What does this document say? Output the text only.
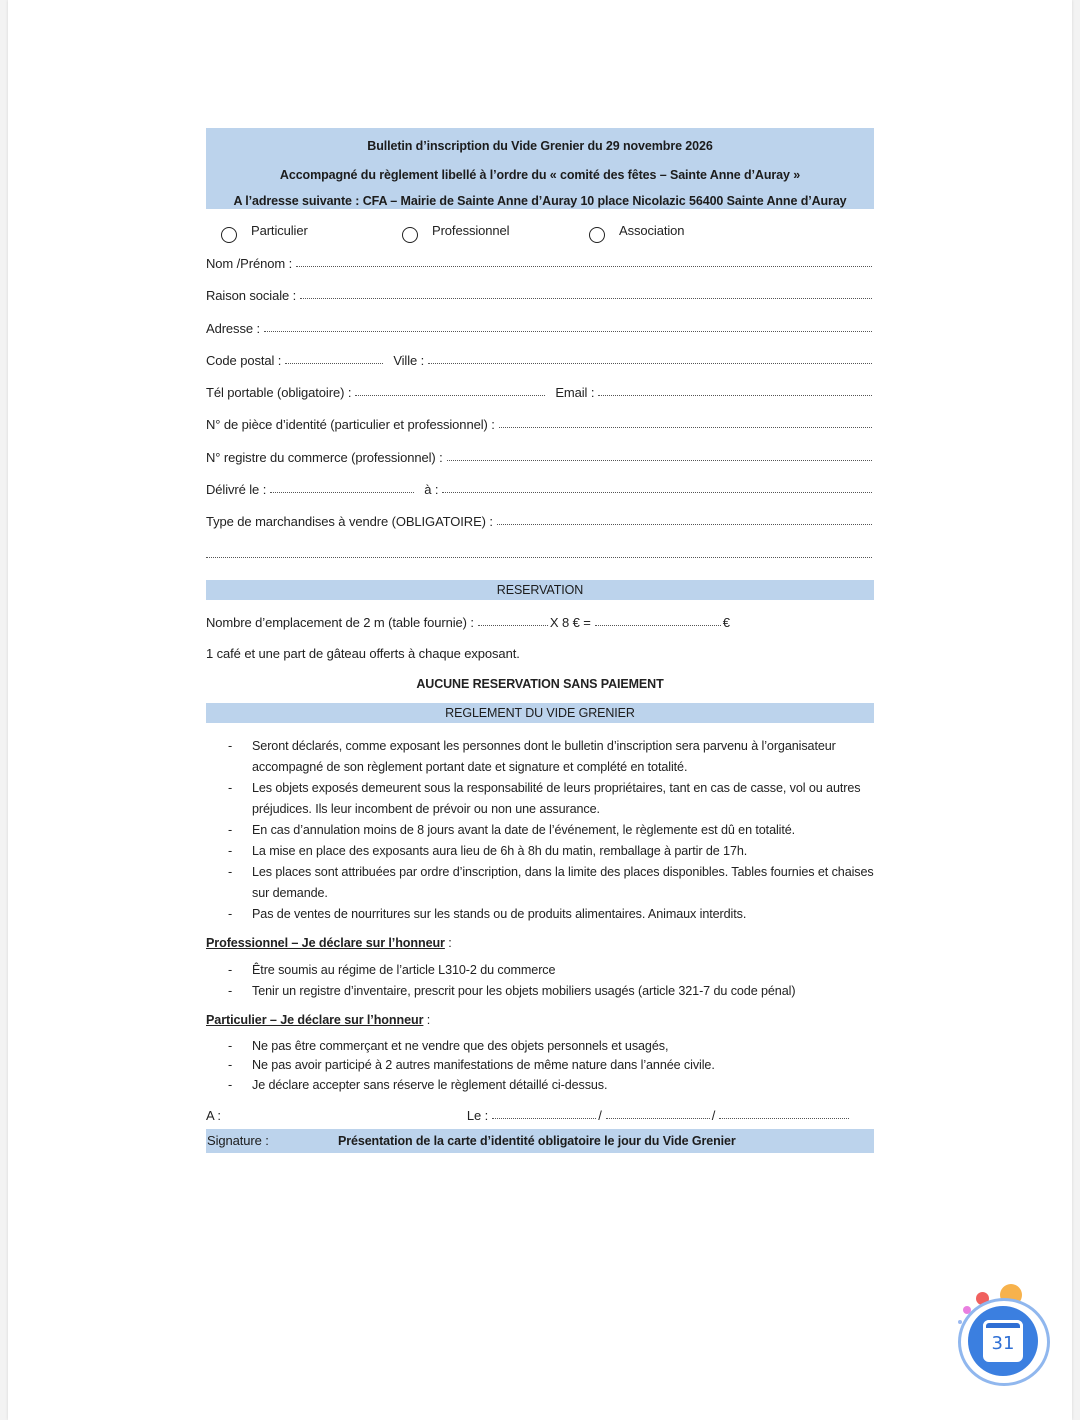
Bulletin d’inscription du Vide Grenier du 29 novembre 2026
Accompagné du règlement libellé à l’ordre du « comité des fêtes – Sainte Anne d’Auray »
A l’adresse suivante : CFA – Mairie de Sainte Anne d’Auray 10 place Nicolazic 56400 Sainte Anne d’Auray
Particulier	Professionnel	Association
Nom /Prénom :
Raison sociale :
Adresse :
Code postal :	Ville :
Tél portable (obligatoire) :	Email :
N° de pièce d’identité (particulier et professionnel) :
N° registre du commerce (professionnel) :
Délivré le :	à :
Type de marchandises à vendre (OBLIGATOIRE) :
RESERVATION
Nombre d’emplacement de 2 m (table fournie) :	X 8 € =	€
1 café et une part de gâteau offerts à chaque exposant.
AUCUNE RESERVATION SANS PAIEMENT
REGLEMENT DU VIDE GRENIER
- Seront déclarés, comme exposant les personnes dont le bulletin d’inscription sera parvenu à l’organisateur accompagné de son règlement portant date et signature et complété en totalité.
- Les objets exposés demeurent sous la responsabilité de leurs propriétaires, tant en cas de casse, vol ou autres préjudices. Ils leur incombent de prévoir ou non une assurance.
- En cas d’annulation moins de 8 jours avant la date de l’événement, le règlemente est dû en totalité.
- La mise en place des exposants aura lieu de 6h à 8h du matin, remballage à partir de 17h.
- Les places sont attribuées par ordre d’inscription, dans la limite des places disponibles. Tables fournies et chaises sur demande.
- Pas de ventes de nourritures sur les stands ou de produits alimentaires. Animaux interdits.
Professionnel – Je déclare sur l’honneur :
- Être soumis au régime de l’article L310-2 du commerce
- Tenir un registre d’inventaire, prescrit pour les objets mobiliers usagés (article 321-7 du code pénal)
Particulier – Je déclare sur l’honneur :
- Ne pas être commerçant et ne vendre que des objets personnels et usagés,
- Ne pas avoir participé à 2 autres manifestations de même nature dans l’année civile.
- Je déclare accepter sans réserve le règlement détaillé ci-dessus.
A :	Le :	/	/
Signature :	Présentation de la carte d’identité obligatoire le jour du Vide Grenier
31
